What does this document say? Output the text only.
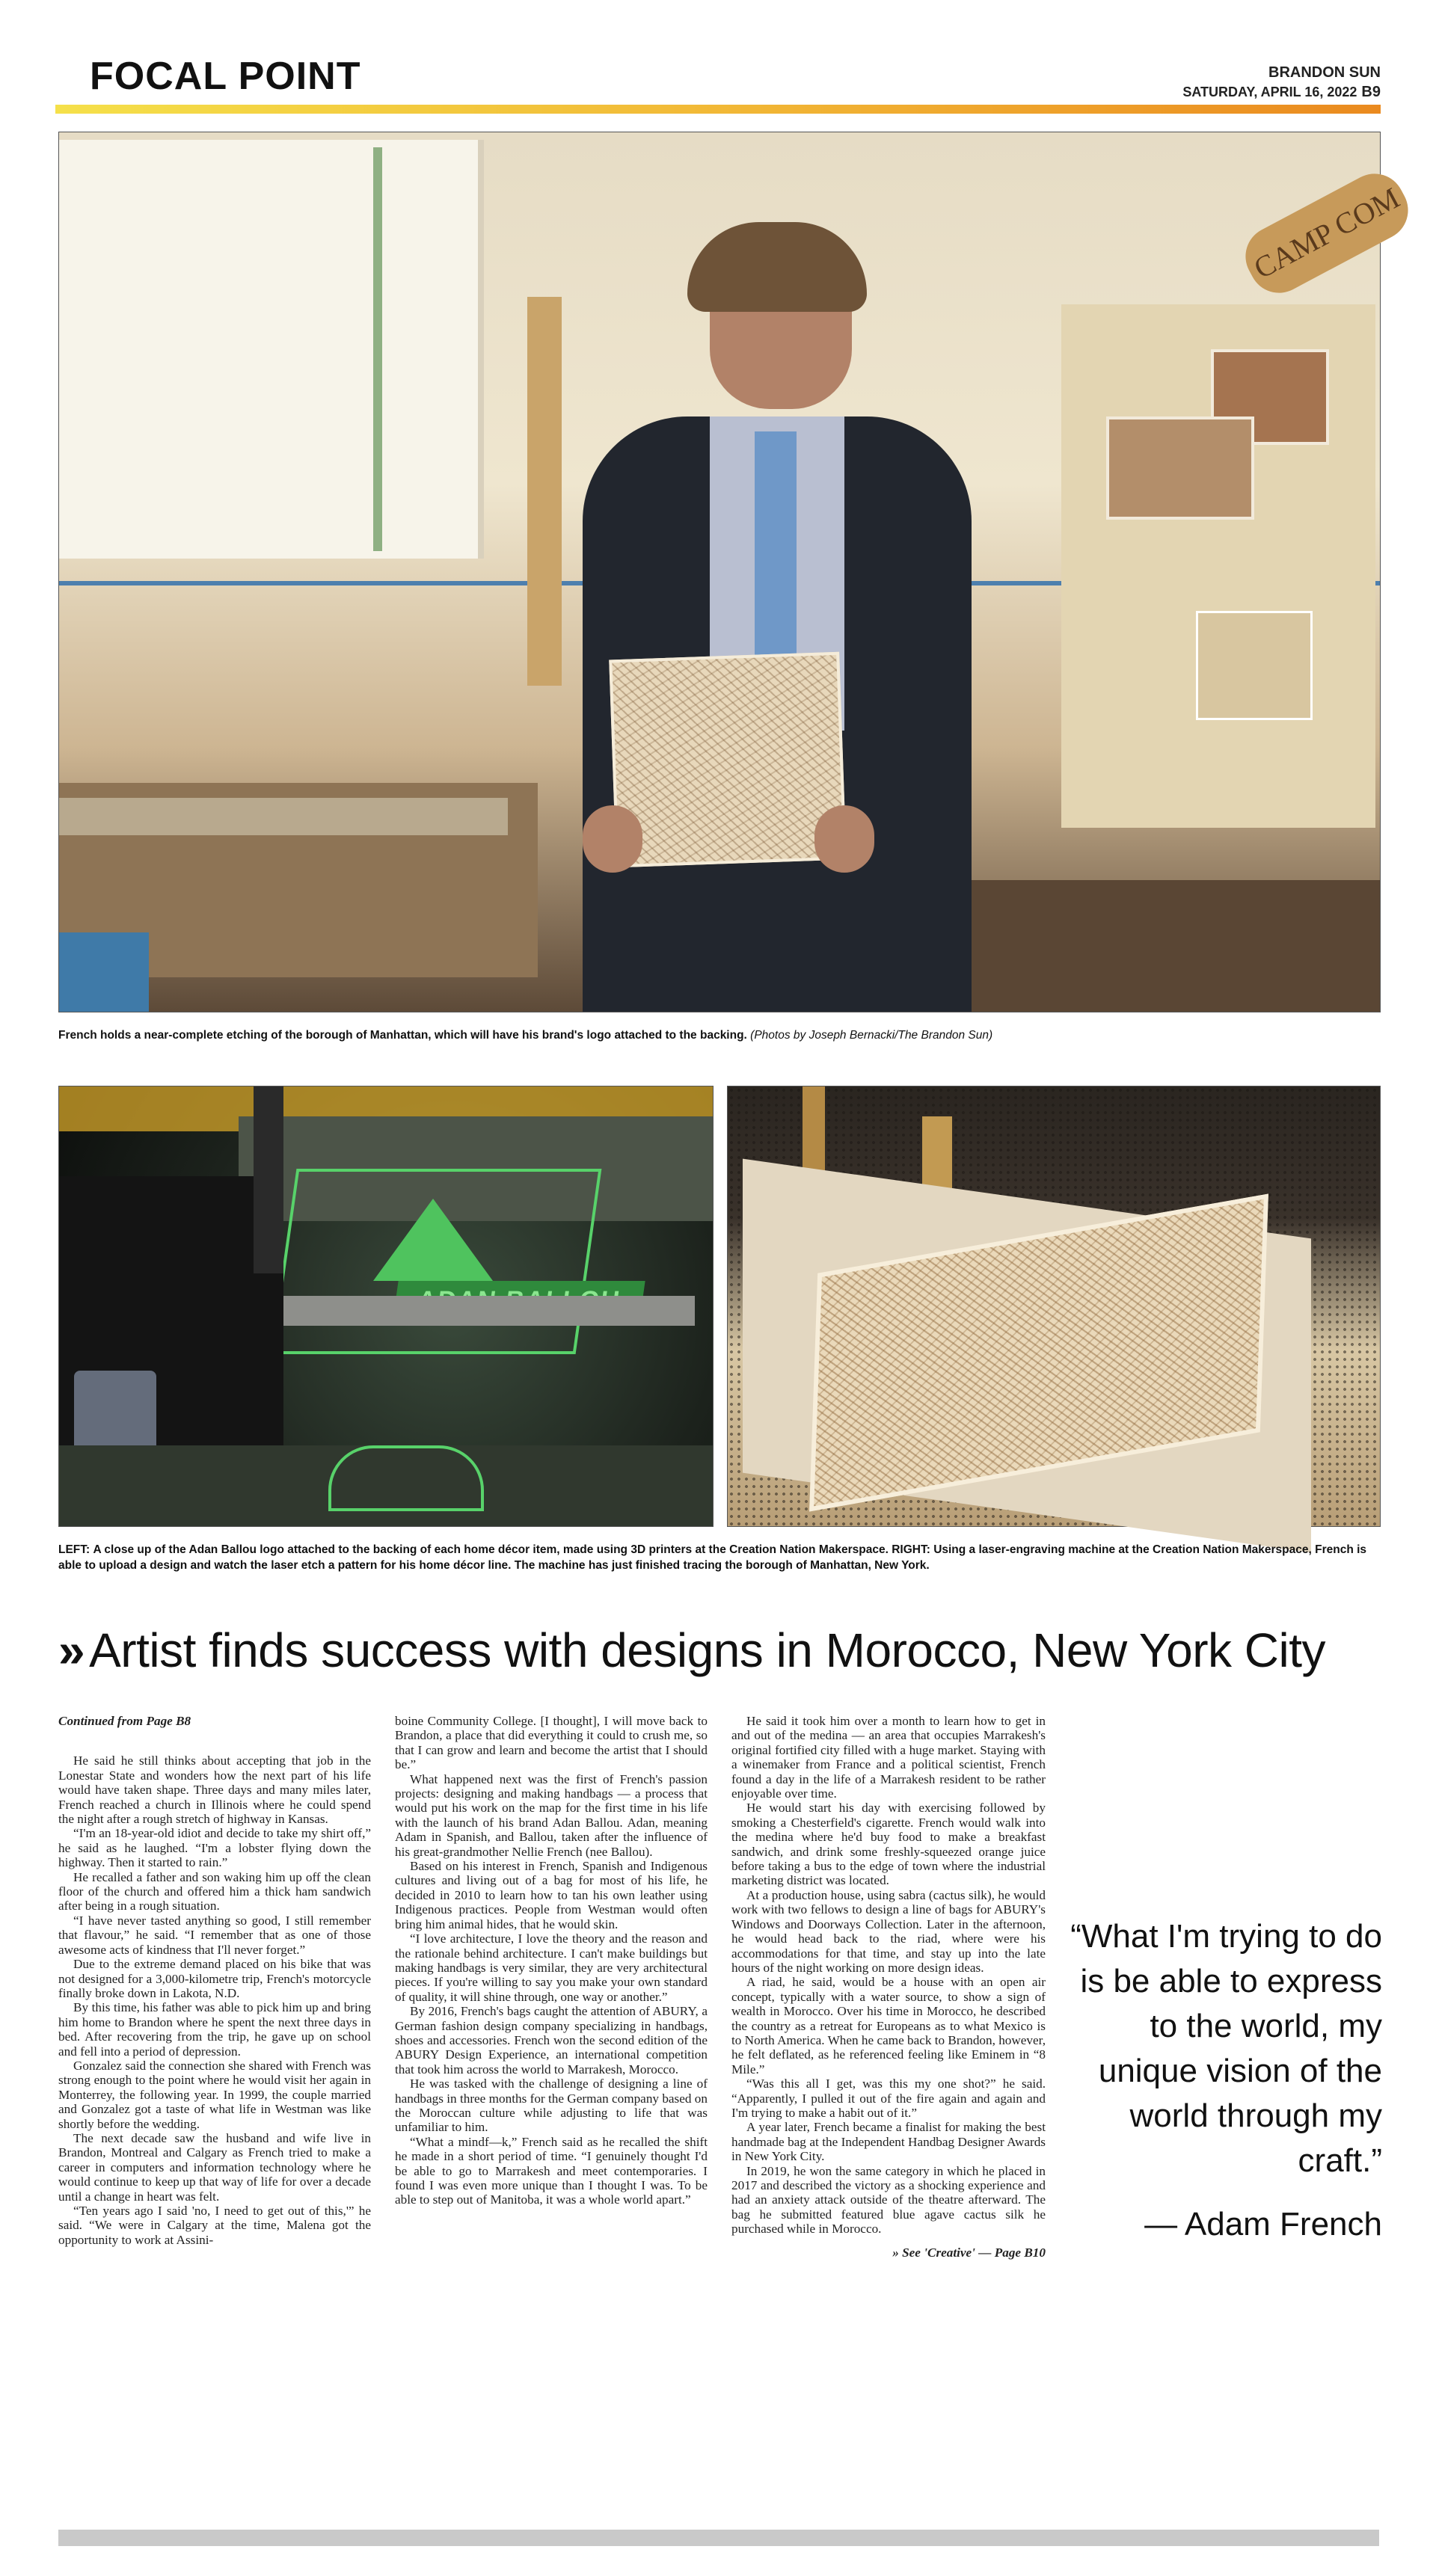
FOCAL POINT	BRANDON SUN
SATURDAY, APRIL 16, 2022 B9
CAMP COM
French holds a near-complete etching of the borough of Manhattan, which will have his brand's logo attached to the backing. (Photos by Joseph Bernacki/The Brandon Sun)
LEFT: A close up of the Adan Ballou logo attached to the backing of each home décor item, made using 3D printers at the Creation Nation Makerspace. RIGHT: Using a laser-engraving machine at the Creation Nation Makerspace, French is able to upload a design and watch the laser etch a pattern for his home décor line. The machine has just finished tracing the borough of Manhattan, New York.
»Artist finds success with designs in Morocco, New York City

Continued from Page B8

He said he still thinks about accepting that job in the Lonestar State and wonders how the next part of his life would have taken shape. Three days and many miles later, French reached a church in Illinois where he could spend the night after a rough stretch of highway in Kansas.

“I'm an 18-year-old idiot and decide to take my shirt off,” he said as he laughed. “I'm a lobster flying down the highway. Then it started to rain.”

He recalled a father and son waking him up off the clean floor of the church and offered him a thick ham sandwich after being in a rough situation.

“I have never tasted anything so good, I still remember that flavour,” he said. “I remember that as one of those awesome acts of kindness that I'll never forget.”

Due to the extreme demand placed on his bike that was not designed for a 3,000-kilometre trip, French's motorcycle finally broke down in Lakota, N.D.

By this time, his father was able to pick him up and bring him home to Brandon where he spent the next three days in bed. After recovering from the trip, he gave up on school and fell into a period of depression.

Gonzalez said the connection she shared with French was strong enough to the point where he would visit her again in Monterrey, the following year. In 1999, the couple married and Gonzalez got a taste of what life in Westman was like shortly before the wedding.

The next decade saw the husband and wife live in Brandon, Montreal and Calgary as French tried to make a career in computers and information technology where he would continue to keep up that way of life for over a decade until a change in heart was felt.

“Ten years ago I said 'no, I need to get out of this,'” he said. “We were in Calgary at the time, Malena got the opportunity to work at Assini-

boine Community College. [I thought], I will move back to Brandon, a place that did everything it could to crush me, so that I can grow and learn and become the artist that I should be.”

What happened next was the first of French's passion projects: designing and making handbags — a process that would put his work on the map for the first time in his life with the launch of his brand Adan Ballou. Adan, meaning Adam in Spanish, and Ballou, taken after the influence of his great-grandmother Nellie French (nee Ballou).

Based on his interest in French, Spanish and Indigenous cultures and living out of a bag for most of his life, he decided in 2010 to learn how to tan his own leather using Indigenous practices. People from Westman would often bring him animal hides, that he would skin.

“I love architecture, I love the theory and the reason and the rationale behind architecture. I can't make buildings but making handbags is very similar, they are very architectural pieces. If you're willing to say you make your own standard of quality, it will shine through, one way or another.”

By 2016, French's bags caught the attention of ABURY, a German fashion design company specializing in handbags, shoes and accessories. French won the second edition of the ABURY Design Experience, an international competition that took him across the world to Marrakesh, Morocco.

He was tasked with the challenge of designing a line of handbags in three months for the German company based on the Moroccan culture while adjusting to life that was unfamiliar to him.

“What a mindf—k,” French said as he recalled the shift he made in a short period of time. “I genuinely thought I'd be able to go to Marrakesh and meet contemporaries. I found I was even more unique than I thought I was. To be able to step out of Manitoba, it was a whole world apart.”

He said it took him over a month to learn how to get in and out of the medina — an area that occupies Marrakesh's original fortified city filled with a huge market. Staying with a winemaker from France and a political scientist, French found a day in the life of a Marrakesh resident to be rather enjoyable over time.

He would start his day with exercising followed by smoking a Chesterfield's cigarette. French would walk into the medina where he'd buy food to make a breakfast sandwich, and drink some freshly-squeezed orange juice before taking a bus to the edge of town where the industrial marketing district was located.

At a production house, using sabra (cactus silk), he would work with two fellows to design a line of bags for ABURY's Windows and Doorways Collection. Later in the afternoon, he would head back to the riad, where were his accommodations for that time, and stay up into the late hours of the night working on more design ideas.

A riad, he said, would be a house with an open air concept, typically with a water source, to show a sign of wealth in Morocco. Over his time in Morocco, he described the country as a retreat for Europeans as to what Mexico is to North America. When he came back to Brandon, however, he felt deflated, as he referenced feeling like Eminem in “8 Mile.”

“Was this all I get, was this my one shot?” he said. “Apparently, I pulled it out of the fire again and again and I'm trying to make a habit out of it.”

A year later, French became a finalist for making the best handmade bag at the Independent Handbag Designer Awards in New York City.

In 2019, he won the same category in which he placed in 2017 and described the victory as a shocking experience and had an anxiety attack outside of the theatre afterward. The bag he submitted featured blue agave cactus silk he purchased while in Morocco.

» See 'Creative' — Page B10

“What I'm trying to do is be able to express to the world, my unique vision of the world through my craft.”
— Adam French
